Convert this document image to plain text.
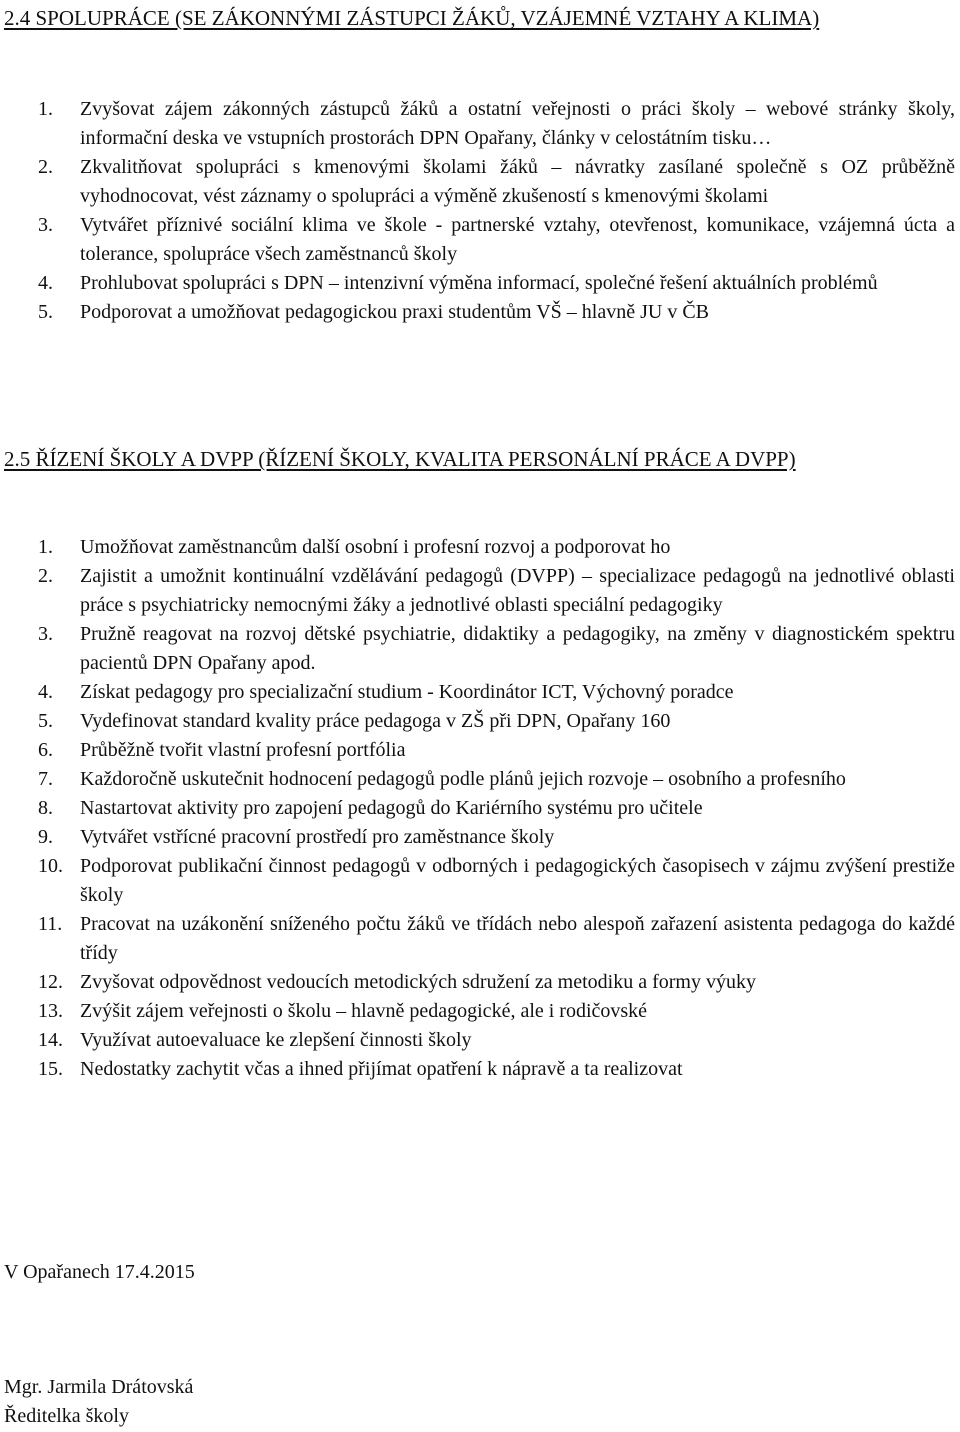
2.4 SPOLUPRÁCE (SE ZÁKONNÝMI ZÁSTUPCI ŽÁKŮ, VZÁJEMNÉ VZTAHY A KLIMA)
1. Zvyšovat zájem zákonných zástupců žáků a ostatní veřejnosti o práci školy – webové stránky školy, informační deska ve vstupních prostorách DPN Opařany, články v celostátním tisku…
2. Zkvalitňovat spolupráci s kmenovými školami žáků – návratky zasílané společně s OZ průběžně vyhodnocovat, vést záznamy o spolupráci a výměně zkušeností s kmenovými školami
3. Vytvářet příznivé sociální klima ve škole - partnerské vztahy, otevřenost, komunikace, vzájemná úcta a tolerance, spolupráce všech zaměstnanců školy
4. Prohlubovat spolupráci s DPN – intenzivní výměna informací, společné řešení aktuálních problémů
5. Podporovat a umožňovat pedagogickou praxi studentům VŠ – hlavně JU v ČB
2.5 ŘÍZENÍ ŠKOLY A DVPP (ŘÍZENÍ ŠKOLY, KVALITA PERSONÁLNÍ PRÁCE A DVPP)
1. Umožňovat zaměstnancům další osobní i profesní rozvoj a podporovat ho
2. Zajistit a umožnit kontinuální vzdělávání pedagogů (DVPP) – specializace pedagogů na jednotlivé oblasti práce s psychiatricky nemocnými žáky a jednotlivé oblasti speciální pedagogiky
3. Pružně reagovat na rozvoj dětské psychiatrie, didaktiky a pedagogiky, na změny v diagnostickém spektru pacientů DPN Opařany apod.
4. Získat pedagogy pro specializační studium - Koordinátor ICT, Výchovný poradce
5. Vydefinovat standard kvality práce pedagoga v ZŠ při DPN, Opařany 160
6. Průběžně tvořit vlastní profesní portfólia
7. Každoročně uskutečnit hodnocení pedagogů podle plánů jejich rozvoje – osobního a profesního
8. Nastartovat aktivity pro zapojení pedagogů do Kariérního systému pro učitele
9. Vytvářet vstřícné pracovní prostředí pro zaměstnance školy
10. Podporovat publikační činnost pedagogů v odborných i pedagogických časopisech v zájmu zvýšení prestiže školy
11. Pracovat na uzákonění sníženého počtu žáků ve třídách nebo alespoň zařazení asistenta pedagoga do každé třídy
12. Zvyšovat odpovědnost vedoucích metodických sdružení za metodiku a formy výuky
13. Zvýšit zájem veřejnosti o školu – hlavně pedagogické, ale i rodičovské
14. Využívat autoevaluace ke zlepšení činnosti školy
15. Nedostatky zachytit včas a ihned přijímat opatření k nápravě a ta realizovat
V Opařanech 17.4.2015
Mgr. Jarmila Drátovská
Ředitelka školy
